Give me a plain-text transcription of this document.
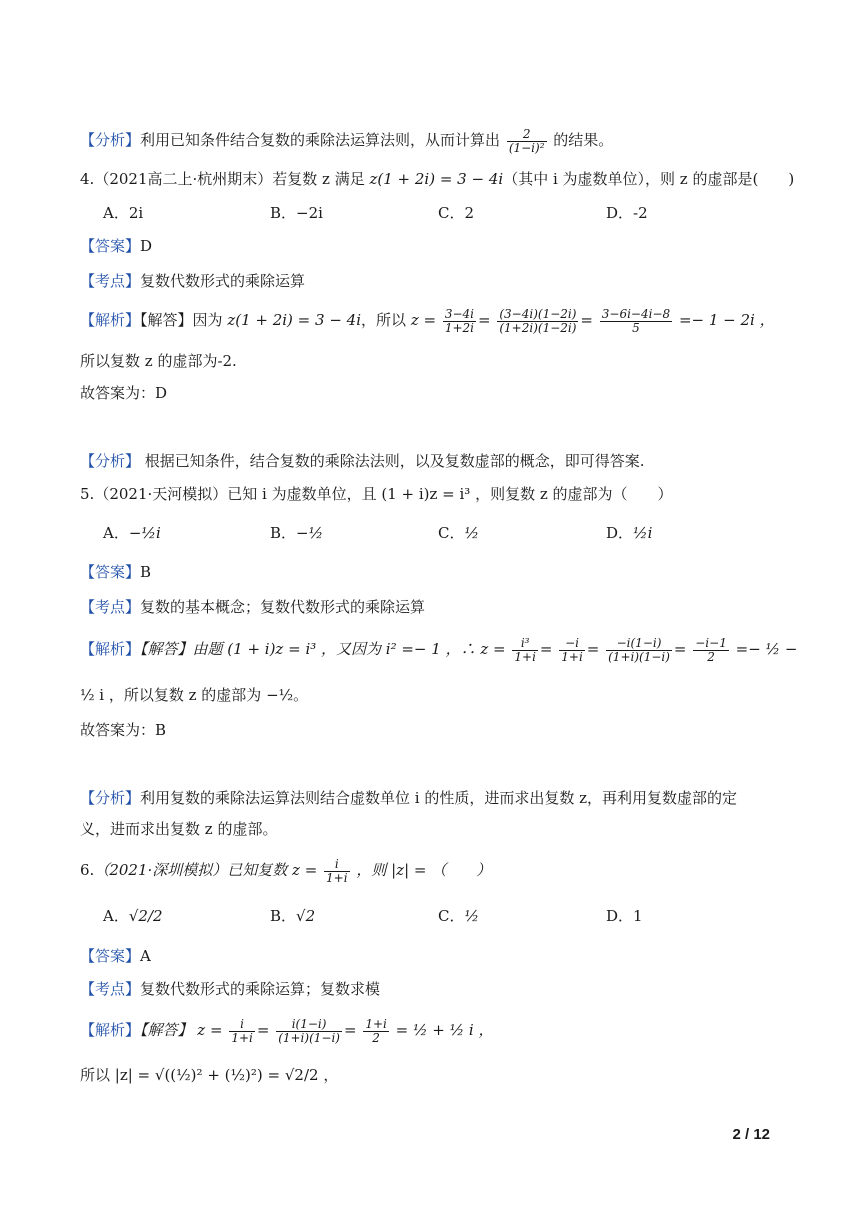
【分析】利用已知条件结合复数的乘除法运算法则，从而计算出 $\frac{2}{\text{(1−i)²}}$ 的结果。
4.（2021高二上·杭州期末）若复数 z 满足 z(1 + 2i) = 3 − 4i（其中 i 为虚数单位），则 z 的虚部是(　　)
A．2i	B．−2i	C．2	D．-2
【答案】D
【考点】复数代数形式的乘除运算
【解析】【解答】因为 z(1 + 2i) = 3 − 4i，所以 $z = \frac{3-4i}{1+2i} = \frac{(3-4i)(1-2i)}{(1+2i)(1-2i)} = \frac{3-6i-4i-8}{5} =- 1 - 2i$ ，
所以复数 z 的虚部为-2.
故答案为：D
【分析】 根据已知条件，结合复数的乘除法法则，以及复数虚部的概念，即可得答案.
5.（2021·天河模拟）已知 i 为虚数单位，且 (1 + i)z = i³ ，则复数 z 的虚部为（　　）
A．−½i	B．−½	C．½	D．½i
【答案】B
【考点】复数的基本概念；复数代数形式的乘除运算
【解析】【解答】由题 (1 + i)z = i³ ，又因为 i² =− 1 ，∴ $z = \frac{\text{i³}}{1+i} = \frac{-i}{1+i} = \frac{-i(1-i)}{(1+i)(1-i)} = \frac{-i-1}{2}$ =− ½ −
½ i ，所以复数 z 的虚部为 −½。
故答案为：B
【分析】利用复数的乘除法运算法则结合虚数单位 i 的性质，进而求出复数 z，再利用复数虚部的定
义，进而求出复数 z 的虚部。
6.（2021·深圳模拟）已知复数 $z = \frac{i}{1+i}$ ，则 |z| = （　　）
A．√2/2	B．√2	C．½	D．1
【答案】A
【考点】复数代数形式的乘除运算；复数求模
【解析】【解答】 $z = \frac{i}{1+i} = \frac{i(1-i)}{(1+i)(1-i)} = \frac{1+i}{2}$ = ½ + ½ i ，
所以 |z| = √((½)² + (½)²) = √2/2 ，
2 / 12
